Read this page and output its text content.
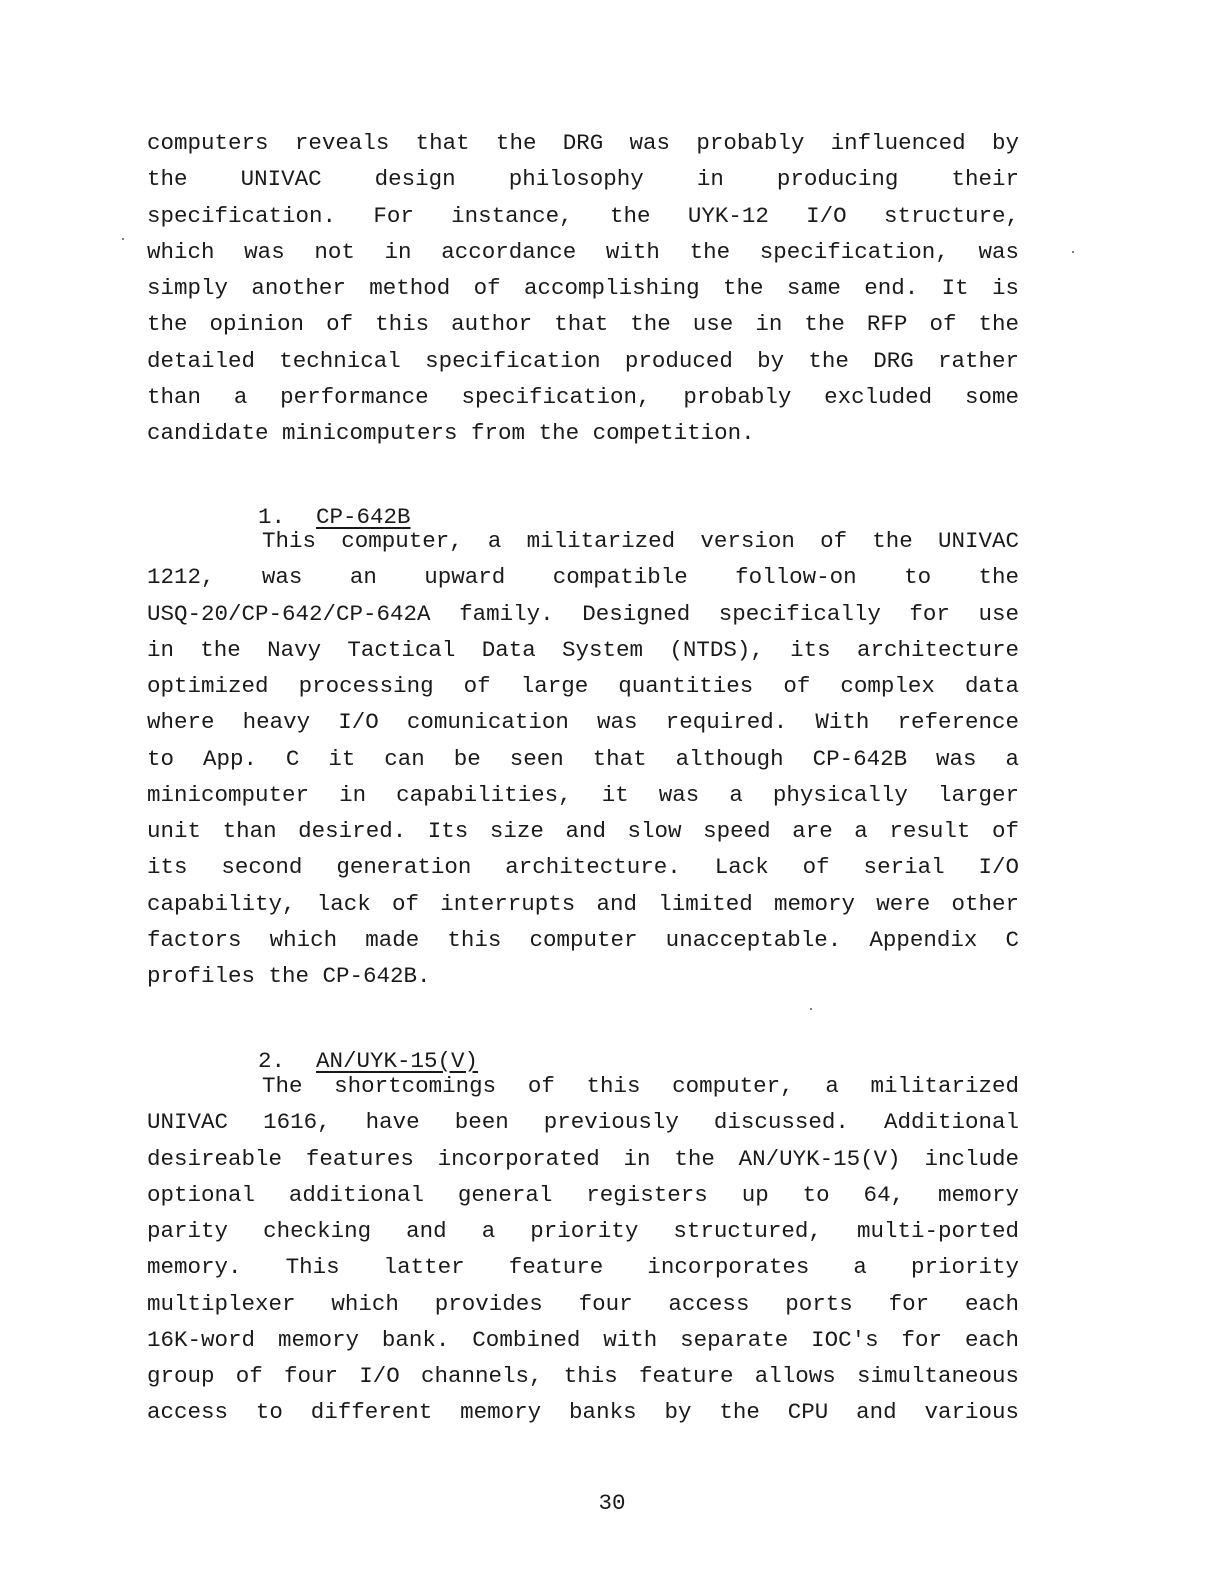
computers reveals that the DRG was probably influenced by
the UNIVAC design philosophy in producing their
specification. For instance, the UYK-12 I/O structure,
which was not in accordance with the specification, was
simply another method of accomplishing the same end. It is
the opinion of this author that the use in the RFP of the
detailed technical specification produced by the DRG rather
than a performance specification, probably excluded some
candidate minicomputers from the competition.

1. CP-642B

This computer, a militarized version of the UNIVAC
1212, was an upward compatible follow-on to the
USQ-20/CP-642/CP-642A family. Designed specifically for use
in the Navy Tactical Data System (NTDS), its architecture
optimized processing of large quantities of complex data
where heavy I/O comunication was required. With reference
to App. C it can be seen that although CP-642B was a
minicomputer in capabilities, it was a physically larger
unit than desired. Its size and slow speed are a result of
its second generation architecture. Lack of serial I/O
capability, lack of interrupts and limited memory were other
factors which made this computer unacceptable. Appendix C
profiles the CP-642B.

2. AN/UYK-15(V)

The shortcomings of this computer, a militarized
UNIVAC 1616, have been previously discussed. Additional
desireable features incorporated in the AN/UYK-15(V) include
optional additional general registers up to 64, memory
parity checking and a priority structured, multi-ported
memory. This latter feature incorporates a priority
multiplexer which provides four access ports for each
16K-word memory bank. Combined with separate IOC's for each
group of four I/O channels, this feature allows simultaneous
access to different memory banks by the CPU and various
30
